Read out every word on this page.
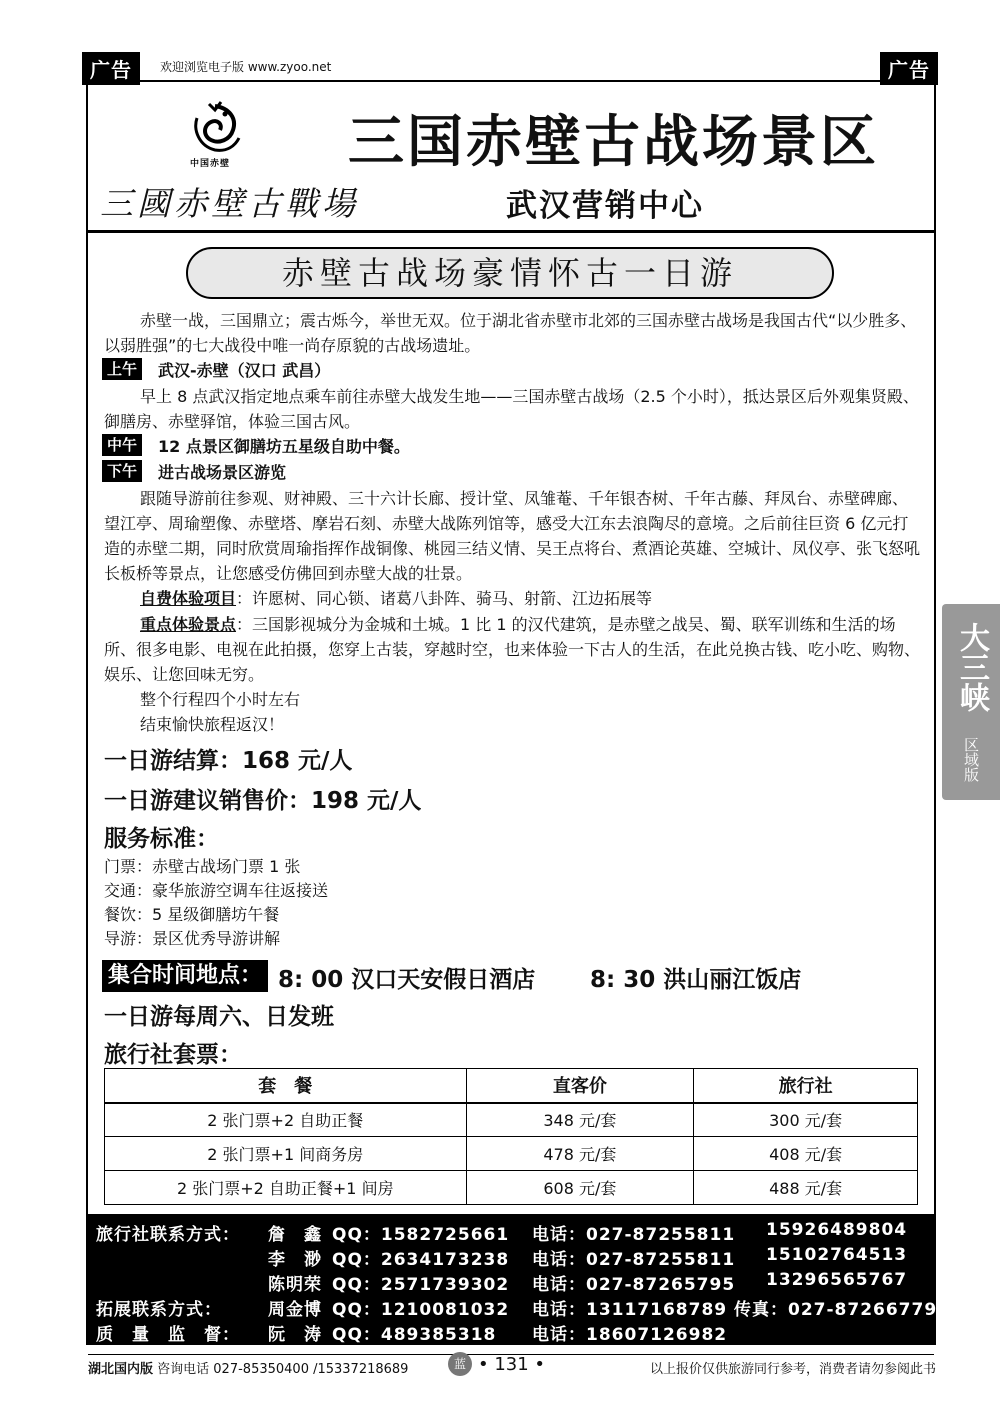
广告	欢迎浏览电子版 www.zyoo.net	广告
中国赤壁
三國赤壁古戰場
三国赤壁古战场景区
武汉营销中心
赤壁古战场豪情怀古一日游
赤壁一战，三国鼎立；震古烁今，举世无双。位于湖北省赤壁市北郊的三国赤壁古战场是我国古代“以少胜多、以弱胜强”的七大战役中唯一尚存原貌的古战场遗址。
上午	武汉-赤壁（汉口 武昌）
早上 8 点武汉指定地点乘车前往赤壁大战发生地——三国赤壁古战场（2.5 个小时），抵达景区后外观集贤殿、御膳房、赤壁驿馆，体验三国古风。
中午	12 点景区御膳坊五星级自助中餐。
下午	进古战场景区游览
跟随导游前往参观、财神殿、三十六计长廊、授计堂、凤雏菴、千年银杏树、千年古藤、拜凤台、赤壁碑廊、望江亭、周瑜塑像、赤壁塔、摩岩石刻、赤壁大战陈列馆等，感受大江东去浪陶尽的意境。之后前往巨资 6 亿元打造的赤壁二期，同时欣赏周瑜指挥作战铜像、桃园三结义情、吴王点将台、煮酒论英雄、空城计、凤仪亭、张飞怒吼长板桥等景点，让您感受仿佛回到赤壁大战的壮景。
自费体验项目：许愿树、同心锁、诸葛八卦阵、骑马、射箭、江边拓展等
重点体验景点：三国影视城分为金城和土城。1 比 1 的汉代建筑，是赤壁之战吴、蜀、联军训练和生活的场所、很多电影、电视在此拍摄，您穿上古装，穿越时空，也来体验一下古人的生活，在此兑换古钱、吃小吃、购物、娱乐、让您回味无穷。
整个行程四个小时左右
结束愉快旅程返汉！
一日游结算：168 元/人
一日游建议销售价：198 元/人
服务标准：
门票：赤壁古战场门票 1 张
交通：豪华旅游空调车往返接送
餐饮：5 星级御膳坊午餐
导游：景区优秀导游讲解
集合时间地点： 8: 00 汉口天安假日酒店 8: 30 洪山丽江饭店
一日游每周六、日发班
旅行社套票：
套　餐	直客价	旅行社
2 张门票+2 自助正餐	348 元/套	300 元/套
2 张门票+1 间商务房	478 元/套	408 元/套
2 张门票+2 自助正餐+1 间房	608 元/套	488 元/套
旅行社联系方式： 詹　鑫 QQ：1582725661 电话：027-87255811 15926489804
李　渺 QQ：2634173238 电话：027-87255811 15102764513
陈明荣 QQ：2571739302 电话：027-87265795 13296565767
拓展联系方式：	周金博 QQ：1210081032 电话：13117168789 传真：027-87266779
质　量　监　督： 阮　涛 QQ：489385318 电话：18607126982
大三峡
区域版
湖北国内版 咨询电话 027-85350400 /15337218689	蓝 • 131 •	以上报价仅供旅游同行参考，消费者请勿参阅此书
